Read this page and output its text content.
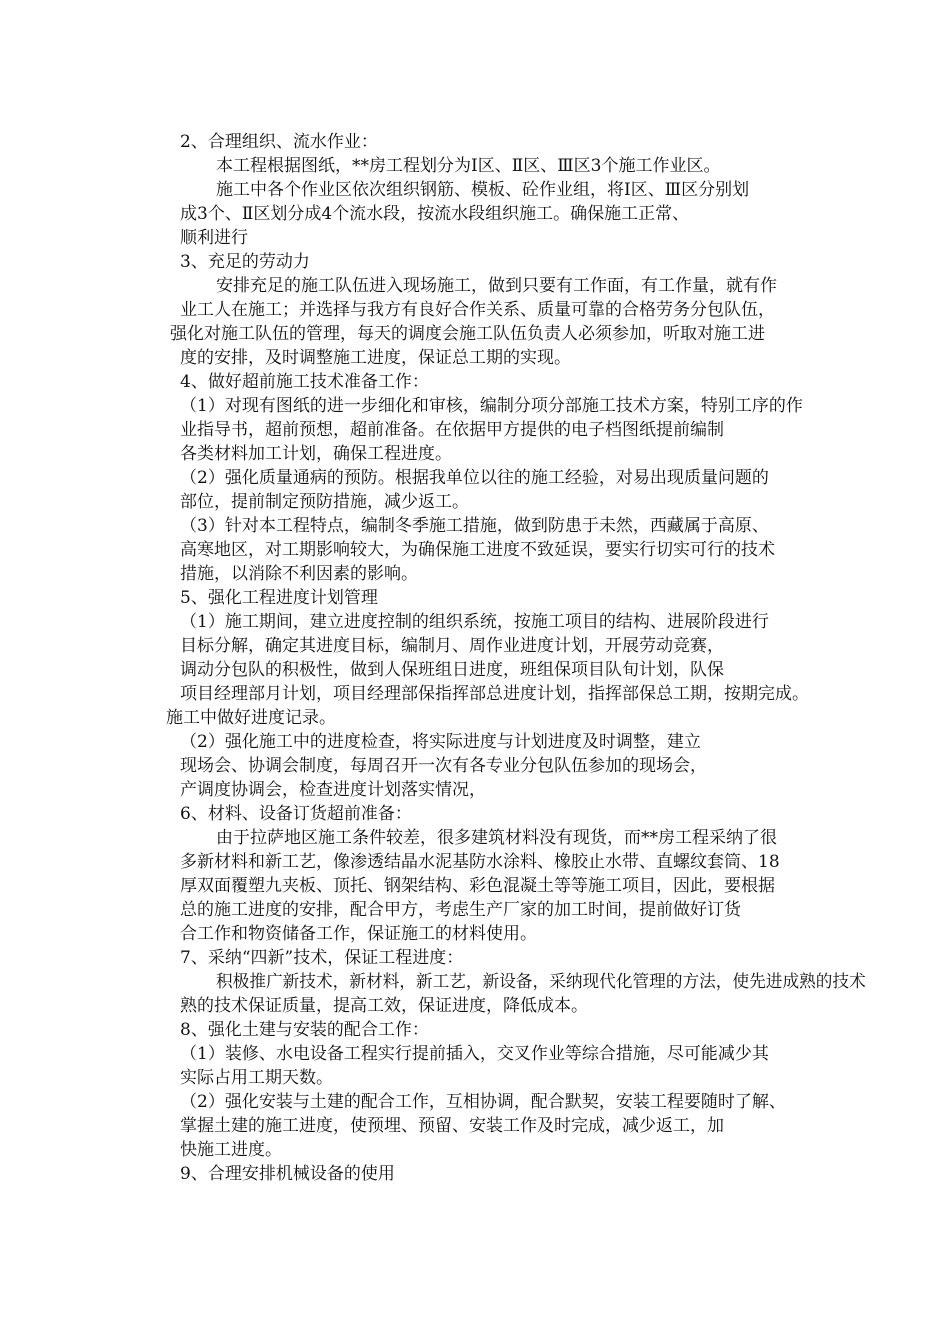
2、合理组织、流水作业：
本工程根据图纸，**房工程划分为Ⅰ区、Ⅱ区、Ⅲ区3个施工作业区。
施工中各个作业区依次组织钢筋、模板、砼作业组，将Ⅰ区、Ⅲ区分别划
成3个、Ⅱ区划分成4个流水段，按流水段组织施工。确保施工正常、
顺利进行
3、充足的劳动力
安排充足的施工队伍进入现场施工，做到只要有工作面，有工作量，就有作
业工人在施工；并选择与我方有良好合作关系、质量可靠的合格劳务分包队伍，
强化对施工队伍的管理，每天的调度会施工队伍负责人必须参加，听取对施工进
度的安排，及时调整施工进度，保证总工期的实现。
4、做好超前施工技术准备工作：
（1）对现有图纸的进一步细化和审核，编制分项分部施工技术方案，特别工序的作
业指导书，超前预想，超前准备。在依据甲方提供的电子档图纸提前编制
各类材料加工计划，确保工程进度。
（2）强化质量通病的预防。根据我单位以往的施工经验，对易出现质量问题的
部位，提前制定预防措施，减少返工。
（3）针对本工程特点，编制冬季施工措施，做到防患于未然，西藏属于高原、
高寒地区，对工期影响较大，为确保施工进度不致延误，要实行切实可行的技术
措施，以消除不利因素的影响。
5、强化工程进度计划管理
（1）施工期间，建立进度控制的组织系统，按施工项目的结构、进展阶段进行
目标分解，确定其进度目标，编制月、周作业进度计划，开展劳动竞赛，
调动分包队的积极性，做到人保班组日进度，班组保项目队旬计划，队保
项目经理部月计划，项目经理部保指挥部总进度计划，指挥部保总工期，按期完成。
施工中做好进度记录。
（2）强化施工中的进度检查，将实际进度与计划进度及时调整，建立
现场会、协调会制度，每周召开一次有各专业分包队伍参加的现场会，
产调度协调会，检查进度计划落实情况，
6、材料、设备订货超前准备：
由于拉萨地区施工条件较差，很多建筑材料没有现货，而**房工程采纳了很
多新材料和新工艺，像渗透结晶水泥基防水涂料、橡胶止水带、直螺纹套筒、18
厚双面覆塑九夹板、顶托、钢架结构、彩色混凝土等等施工项目，因此，要根据
总的施工进度的安排，配合甲方，考虑生产厂家的加工时间，提前做好订货
合工作和物资储备工作，保证施工的材料使用。
7、采纳“四新”技术，保证工程进度：
积极推广新技术，新材料，新工艺，新设备，采纳现代化管理的方法，使先进成熟的技术
熟的技术保证质量，提高工效，保证进度，降低成本。
8、强化土建与安装的配合工作：
（1）装修、水电设备工程实行提前插入，交叉作业等综合措施，尽可能减少其
实际占用工期天数。
（2）强化安装与土建的配合工作，互相协调，配合默契，安装工程要随时了解、
掌握土建的施工进度，使预埋、预留、安装工作及时完成，减少返工，加
快施工进度。
9、合理安排机械设备的使用
